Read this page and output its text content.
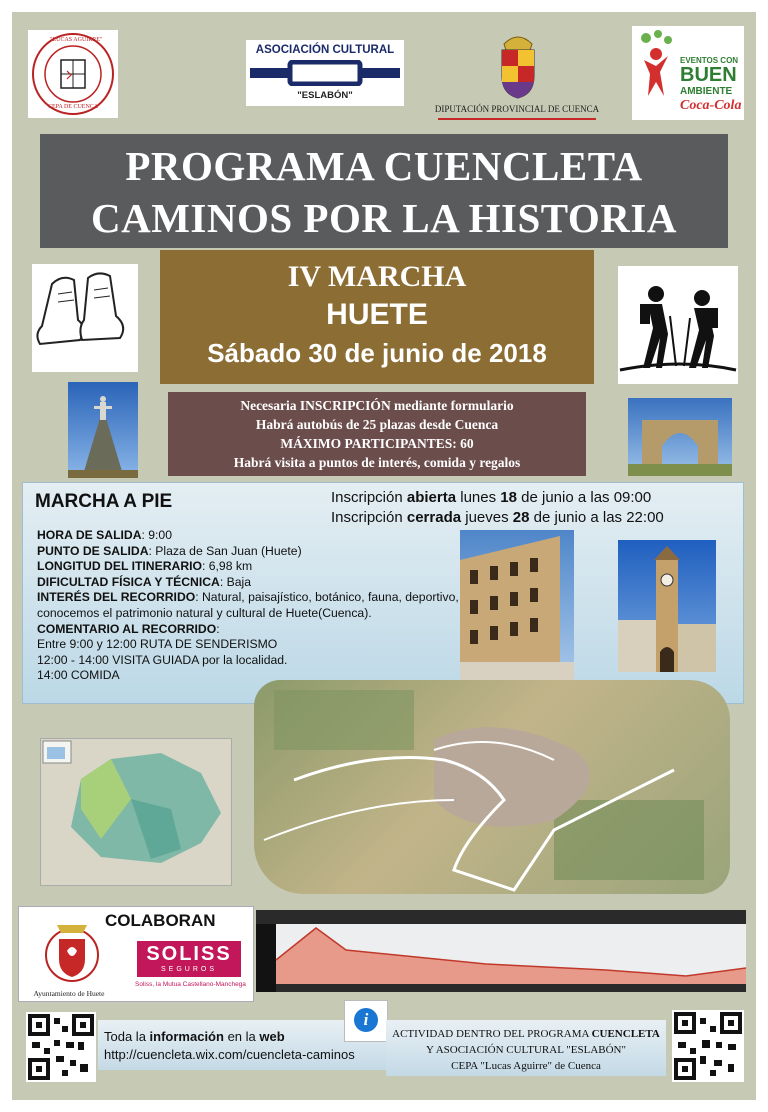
"LUCAS AGUIRRE"
CEPA DE CUENCA
ASOCIACIÓN CULTURAL
"ESLABÓN"
DIPUTACIÓN PROVINCIAL DE CUENCA
EVENTOS CON
BUEN
AMBIENTE
Coca-Cola
PROGRAMA CUENCLETA
CAMINOS POR LA HISTORIA
IV MARCHA
HUETE
Sábado 30 de junio de 2018
Necesaria INSCRIPCIÓN mediante formulario
Habrá autobús de 25 plazas desde Cuenca
MÁXIMO PARTICIPANTES: 60
Habrá visita a puntos de interés, comida y regalos
MARCHA A PIE	Inscripción abierta lunes 18 de junio a las 09:00
Inscripción cerrada jueves 28 de junio a las 22:00
HORA DE SALIDA: 9:00
PUNTO DE SALIDA: Plaza de San Juan (Huete)
LONGITUD DEL ITINERARIO: 6,98 km
DIFICULTAD FÍSICA Y TÉCNICA: Baja
INTERÉS DEL RECORRIDO: Natural, paisajístico, botánico, fauna, deportivo, conocemos el patrimonio natural y cultural de Huete(Cuenca).
COMENTARIO AL RECORRIDO:
Entre 9:00 y 12:00 RUTA DE SENDERISMO
12:00 - 14:00 VISITA GUIADA por la localidad.
14:00 COMIDA
COLABORAN
Ayuntamiento de Huete
SOLISS
SEGUROS
Soliss, la Mutua Castellano-Manchega
Toda la información en la web
http://cuencleta.wix.com/cuencleta-caminos
i
ACTIVIDAD DENTRO DEL PROGRAMA CUENCLETA
Y ASOCIACIÓN CULTURAL "ESLABÓN"
CEPA "Lucas Aguirre" de Cuenca
